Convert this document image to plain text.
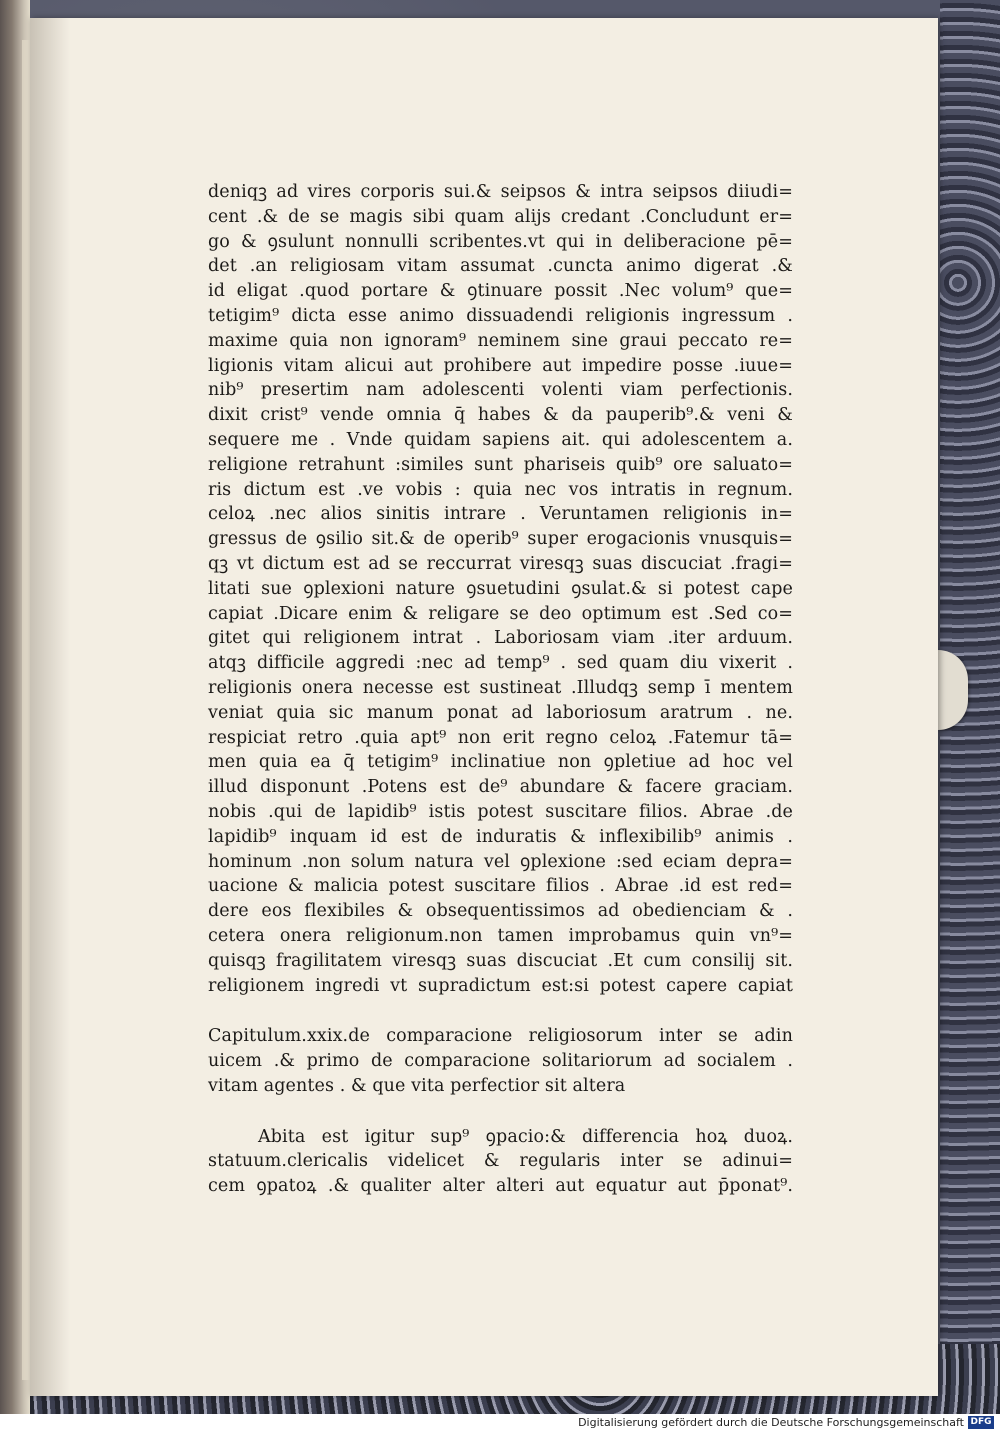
deniqꝫ ad vires corporis sui.& seipsos & intra seipsos diiudi=
cent .& de se magis sibi quam alijs credant .Concludunt er=
go & ꝯsulunt nonnulli scribentes.vt qui in deliberacione pē=
det .an religiosam vitam assumat .cuncta animo digerat .&
id eligat .quod portare & ꝯtinuare possit .Nec volum⁹ que=
tetigim⁹ dicta esse animo dissuadendi religionis ingressum .
maxime quia non ignoram⁹ neminem sine graui peccato re=
ligionis vitam alicui aut prohibere aut impedire posse .iuue=
nib⁹ presertim nam adolescenti volenti viam perfectionis.
dixit crist⁹ vende omnia q̄ habes & da pauperib⁹.& veni &
sequere me . Vnde quidam sapiens ait. qui adolescentem a.
religione retrahunt :similes sunt phariseis quib⁹ ore saluato=
ris dictum est .ve vobis : quia nec vos intratis in regnum.
celoꝝ .nec alios sinitis intrare . Veruntamen religionis in=
gressus de ꝯsilio sit.& de operib⁹ super erogacionis vnusquis=
qꝫ vt dictum est ad se reccurrat viresqꝫ suas discuciat .fragi=
litati sue ꝯplexioni nature ꝯsuetudini ꝯsulat.& si potest cape
capiat .Dicare enim & religare se deo optimum est .Sed co=
gitet qui religionem intrat . Laboriosam viam .iter arduum.
atqꝫ difficile aggredi :nec ad temp⁹ . sed quam diu vixerit .
religionis onera necesse est sustineat .Illudqꝫ semp ī mentem
veniat quia sic manum ponat ad laboriosum aratrum . ne.
respiciat retro .quia apt⁹ non erit regno celoꝝ .Fatemur tā=
men quia ea q̄ tetigim⁹ inclinatiue non ꝯpletiue ad hoc vel
illud disponunt .Potens est de⁹ abundare & facere graciam.
nobis .qui de lapidib⁹ istis potest suscitare filios. Abrae .de
lapidib⁹ inquam id est de induratis & inflexibilib⁹ animis .
hominum .non solum natura vel ꝯplexione :sed eciam depra=
uacione & malicia potest suscitare filios . Abrae .id est red=
dere eos flexibiles & obsequentissimos ad obedienciam & .
cetera onera religionum.non tamen improbamus quin vn⁹=
quisqꝫ fragilitatem viresqꝫ suas discuciat .Et cum consilij sit.
religionem ingredi vt supradictum est:si potest capere capiat
Capitulum.xxix.de comparacione religiosorum inter se adin
uicem .& primo de comparacione solitariorum ad socialem .
vitam agentes . & que vita perfectior sit altera
Abita est igitur sup⁹ ꝯpacio:& differencia hoꝝ duoꝝ.
statuum.clericalis videlicet & regularis inter se adinui=
cem ꝯpatoꝝ .& qualiter alter alteri aut equatur aut p̄ponat⁹.
Digitalisierung gefördert durch die Deutsche Forschungsgemeinschaft DFG
